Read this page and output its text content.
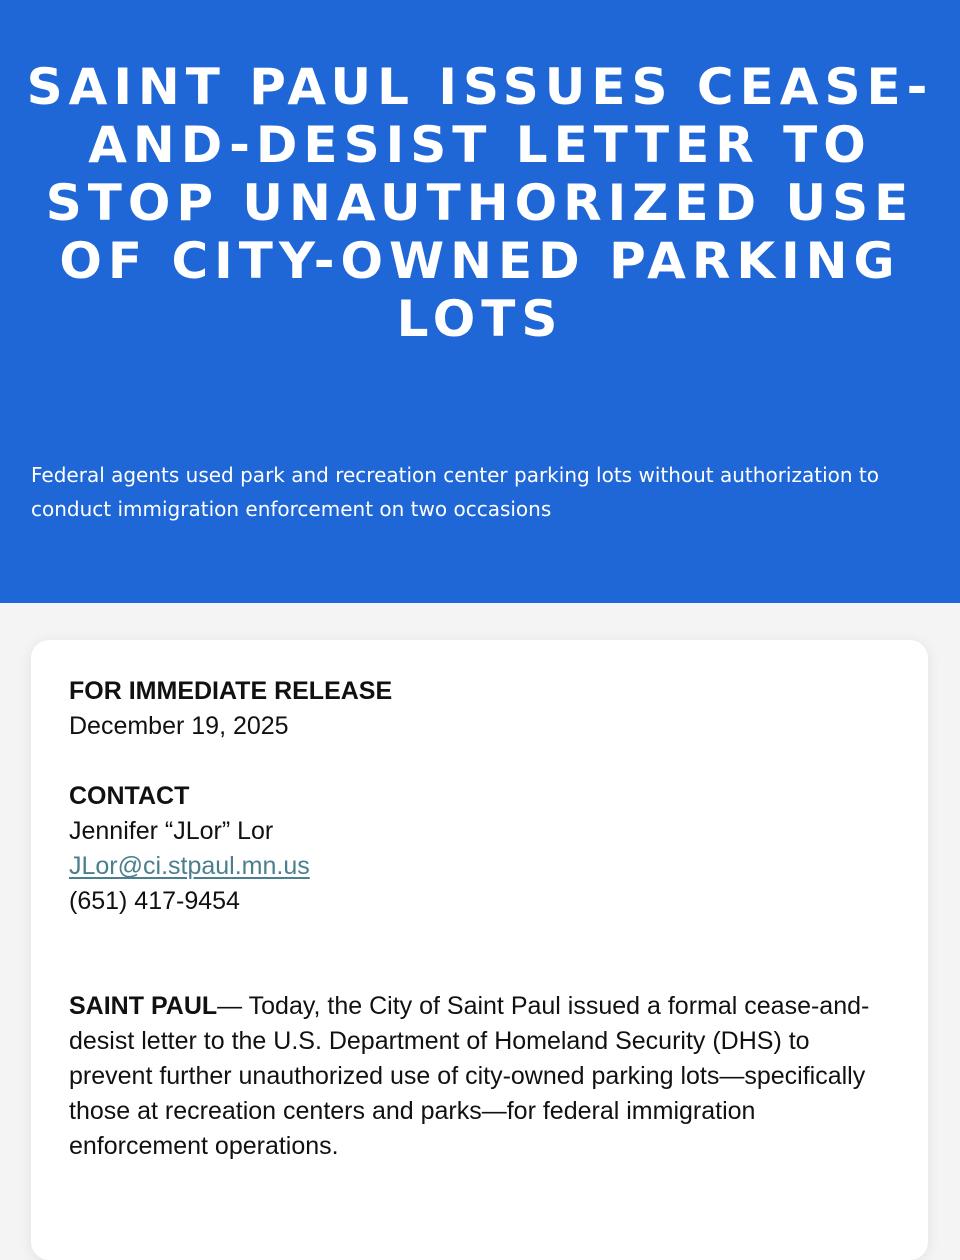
SAINT PAUL ISSUES CEASE-AND-DESIST LETTER TO STOP UNAUTHORIZED USE OF CITY-OWNED PARKING LOTS

Federal agents used park and recreation center parking lots without authorization to conduct immigration enforcement on two occasions

FOR IMMEDIATE RELEASE
December 19, 2025
CONTACT
Jennifer “JLor” Lor
JLor@ci.stpaul.mn.us
(651) 417-9454

SAINT PAUL— Today, the City of Saint Paul issued a formal cease-and-desist letter to the U.S. Department of Homeland Security (DHS) to prevent further unauthorized use of city-owned parking lots—specifically those at recreation centers and parks—for federal immigration enforcement operations.
